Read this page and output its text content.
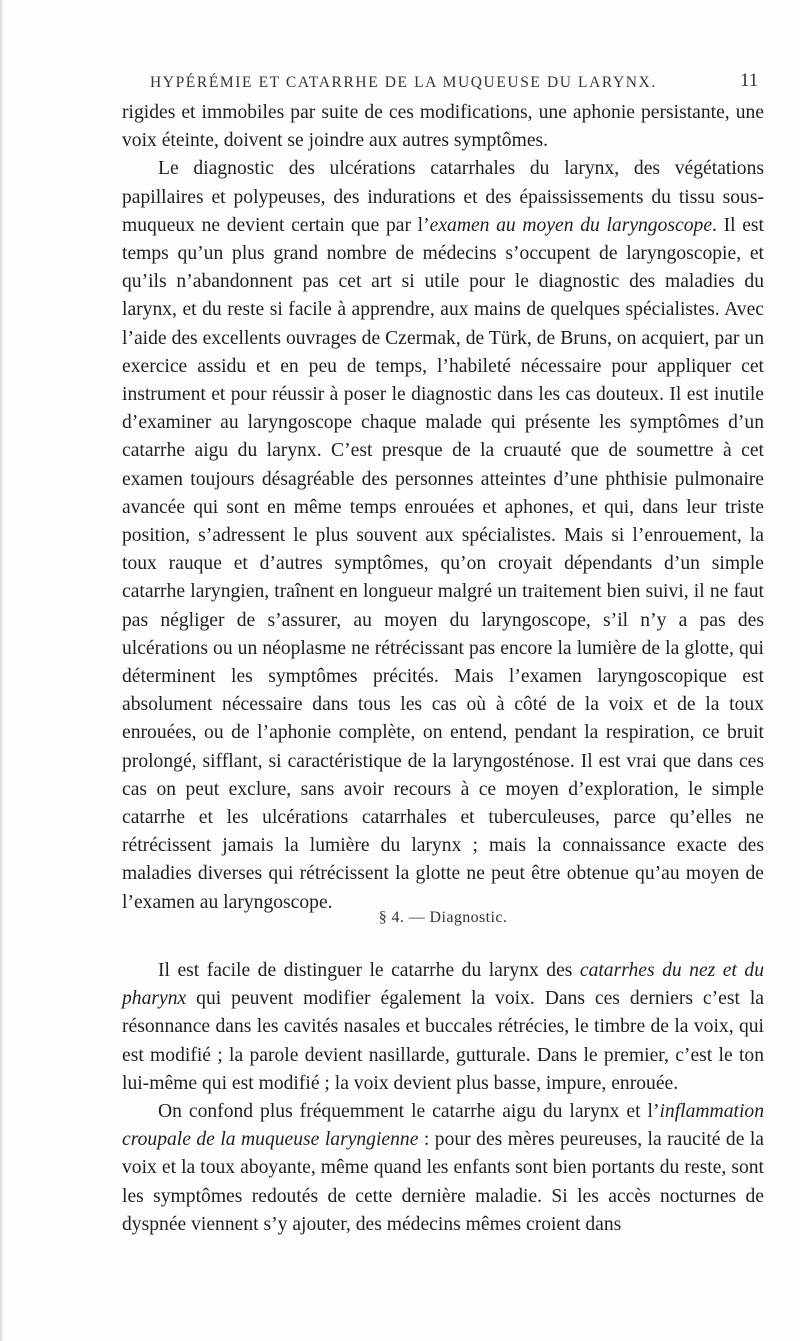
HYPÉRÉMIE ET CATARRHE DE LA MUQUEUSE DU LARYNX.	11

rigides et immobiles par suite de ces modifications, une aphonie persistante, une voix éteinte, doivent se joindre aux autres symptômes.

Le diagnostic des ulcérations catarrhales du larynx, des végétations papillaires et polypeuses, des indurations et des épaississements du tissu sous-muqueux ne devient certain que par l’examen au moyen du laryngoscope. Il est temps qu’un plus grand nombre de médecins s’occupent de laryngoscopie, et qu’ils n’abandonnent pas cet art si utile pour le diagnostic des maladies du larynx, et du reste si facile à apprendre, aux mains de quelques spécialistes. Avec l’aide des excellents ouvrages de Czermak, de Türk, de Bruns, on acquiert, par un exercice assidu et en peu de temps, l’habileté nécessaire pour appliquer cet instrument et pour réussir à poser le diagnostic dans les cas douteux. Il est inutile d’examiner au laryngoscope chaque malade qui présente les symptômes d’un catarrhe aigu du larynx. C’est presque de la cruauté que de soumettre à cet examen toujours désagréable des personnes atteintes d’une phthisie pulmonaire avancée qui sont en même temps enrouées et aphones, et qui, dans leur triste position, s’adressent le plus souvent aux spécialistes. Mais si l’enrouement, la toux rauque et d’autres symptômes, qu’on croyait dépendants d’un simple catarrhe laryngien, traînent en longueur malgré un traitement bien suivi, il ne faut pas négliger de s’assurer, au moyen du laryngoscope, s’il n’y a pas des ulcérations ou un néoplasme ne rétrécissant pas encore la lumière de la glotte, qui déterminent les symptômes précités. Mais l’examen laryngoscopique est absolument nécessaire dans tous les cas où à côté de la voix et de la toux enrouées, ou de l’aphonie complète, on entend, pendant la respiration, ce bruit prolongé, sifflant, si caractéristique de la laryngosténose. Il est vrai que dans ces cas on peut exclure, sans avoir recours à ce moyen d’exploration, le simple catarrhe et les ulcérations catarrhales et tuberculeuses, parce qu’elles ne rétrécissent jamais la lumière du larynx ; mais la connaissance exacte des maladies diverses qui rétrécissent la glotte ne peut être obtenue qu’au moyen de l’examen au laryngoscope.

§ 4. — Diagnostic.

Il est facile de distinguer le catarrhe du larynx des catarrhes du nez et du pharynx qui peuvent modifier également la voix. Dans ces derniers c’est la résonnance dans les cavités nasales et buccales rétrécies, le timbre de la voix, qui est modifié ; la parole devient nasillarde, gutturale. Dans le premier, c’est le ton lui-même qui est modifié ; la voix devient plus basse, impure, enrouée.

On confond plus fréquemment le catarrhe aigu du larynx et l’inflammation croupale de la muqueuse laryngienne : pour des mères peureuses, la raucité de la voix et la toux aboyante, même quand les enfants sont bien portants du reste, sont les symptômes redoutés de cette dernière maladie. Si les accès nocturnes de dyspnée viennent s’y ajouter, des médecins mêmes croient dans
